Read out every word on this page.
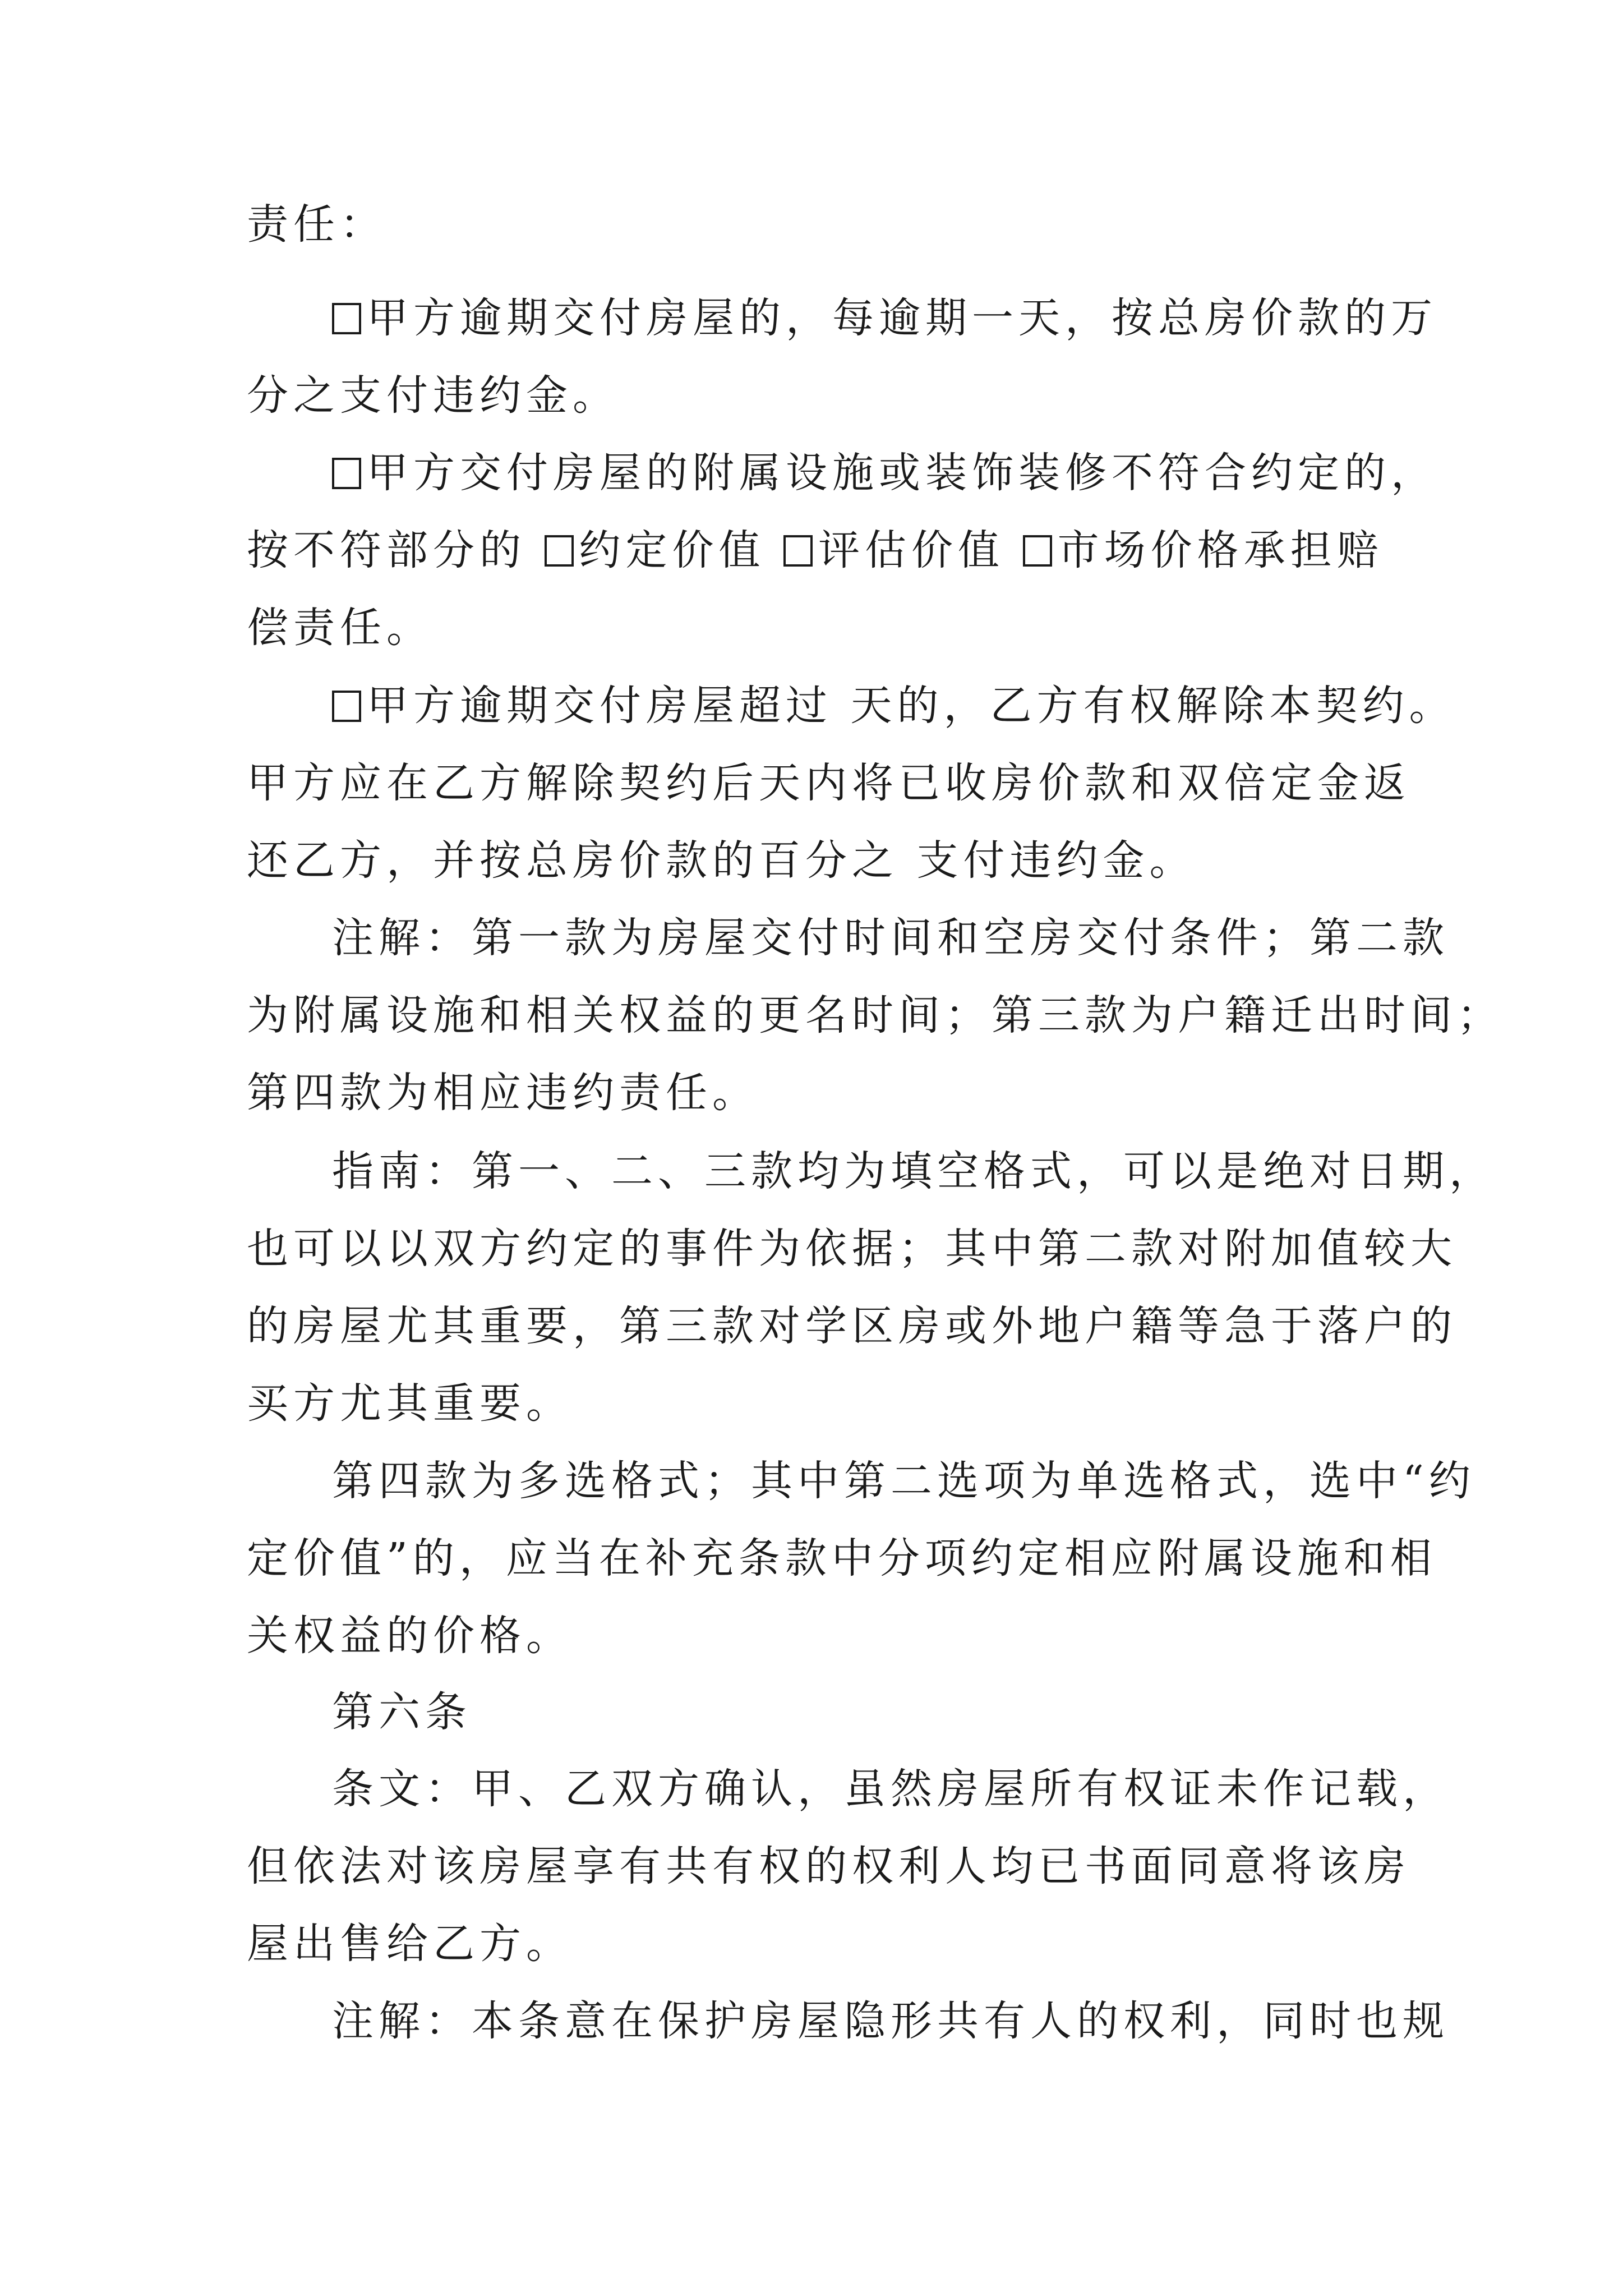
责任：
甲方逾期交付房屋的，每逾期一天，按总房价款的万
分之支付违约金。
甲方交付房屋的附属设施或装饰装修不符合约定的，
按不符部分的 约定价值 评估价值 市场价格承担赔
偿责任。
甲方逾期交付房屋超过 天的，乙方有权解除本契约。
甲方应在乙方解除契约后天内将已收房价款和双倍定金返
还乙方，并按总房价款的百分之 支付违约金。
注解：第一款为房屋交付时间和空房交付条件；第二款
为附属设施和相关权益的更名时间；第三款为户籍迁出时间；
第四款为相应违约责任。
指南：第一、二、三款均为填空格式，可以是绝对日期，
也可以以双方约定的事件为依据；其中第二款对附加值较大
的房屋尤其重要，第三款对学区房或外地户籍等急于落户的
买方尤其重要。
第四款为多选格式；其中第二选项为单选格式，选中“约
定价值”的，应当在补充条款中分项约定相应附属设施和相
关权益的价格。
第六条
条文：甲、乙双方确认，虽然房屋所有权证未作记载，
但依法对该房屋享有共有权的权利人均已书面同意将该房
屋出售给乙方。
注解：本条意在保护房屋隐形共有人的权利，同时也规
